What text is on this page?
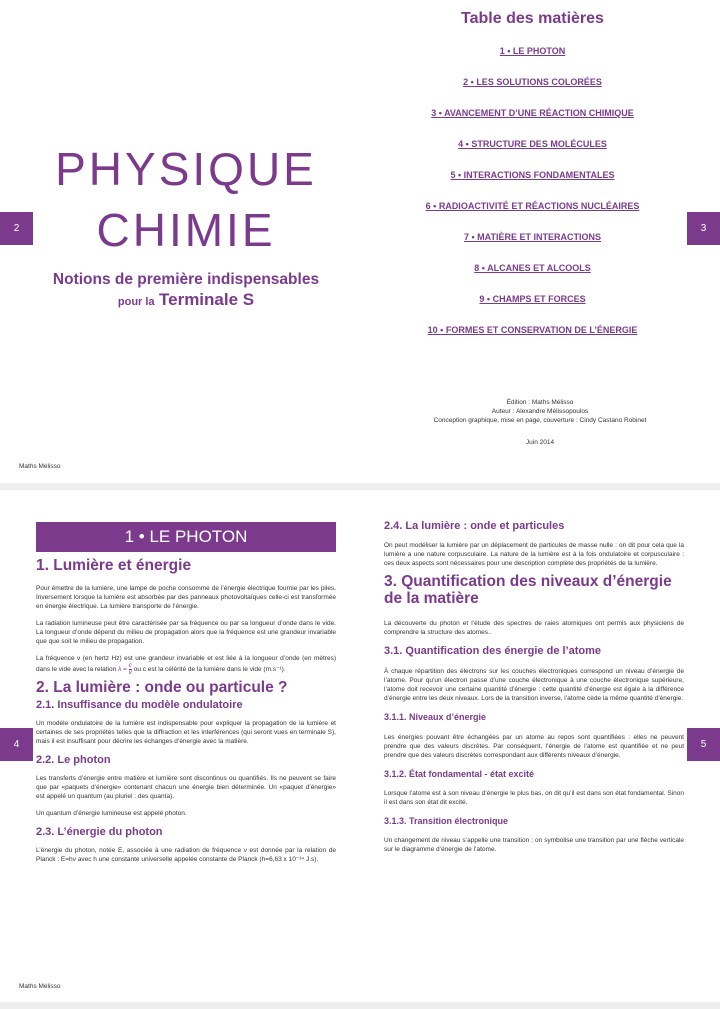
2	3
PHYSIQUE
CHIMIE
Notions de première indispensables
pour la Terminale S
Maths Mélisso
Table des matières
1 • LE PHOTON
2 • LES SOLUTIONS COLORÉES
3 • AVANCEMENT D’UNE RÉACTION CHIMIQUE
4 • STRUCTURE DES MOLÉCULES
5 • INTERACTIONS FONDAMENTALES
6 • RADIOACTIVITÉ ET RÉACTIONS NUCLÉAIRES
7 • MATIÈRE ET INTERACTIONS
8 • ALCANES ET ALCOOLS
9 • CHAMPS ET FORCES
10 • FORMES ET CONSERVATION DE L’ÉNERGIE
Édition : Maths Mélisso
Auteur : Alexandre Mélissopoulos
Conception graphique, mise en page, couverture : Cindy Castano Robinet
Juin 2014
4	5
1 • LE PHOTON
1. Lumière et énergie
Pour émettre de la lumière, une lampe de poche consomme de l’énergie électrique fournie par les piles. Inversement lorsque la lumière est absorbée par des panneaux photovoltaïques celle-ci est transformée en énergie électrique. La lumière transporte de l’énergie.
La radiation lumineuse peut être caractérisée par sa fréquence ou par sa longueur d’onde dans le vide. La longueur d’onde dépend du milieu de propagation alors que la fréquence est une grandeur invariable que que soit le milieu de propagation.
La fréquence ν (en hertz Hz) est une grandeur invariable et est liée à la longueur d’onde (en mètres) dans le vide avec la relation $\lambda = \frac{c}{\nu}$ ou c est la célérité de la lumière dans le vide (m.s⁻¹).
2. La lumière : onde ou particule ?
2.1. Insuffisance du modèle ondulatoire
Un modèle ondulatoire de la lumière est indispensable pour expliquer la propagation de la lumière et certaines de ses propriétés telles que la diffraction et les interférences (qui seront vues en terminale S), mais il est insuffisant pour décrire les échanges d’énergie avec la matière.
2.2. Le photon
Les transferts d’énergie entre matière et lumière sont discontinus ou quantifiés. Ils ne peuvent se faire que par «paquets d’énergie» contenant chacun une énergie bien déterminée. Un «paquet d’énergie» est appelé un quantum (au pluriel : des quanta).
Un quantum d’énergie lumineuse est appelé photon.
2.3. L’énergie du photon
L’énergie du photon, notée E, associée à une radiation de fréquence ν est donnée par la relation de Planck : E=hν avec h une constante universelle appelée constante de Planck (h=6,63 x 10⁻³⁴ J.s).
2.4. La lumière : onde et particules
On peut modéliser la lumière par un déplacement de particules de masse nulle : on dit pour cela que la lumière a une nature corpusculaire. La nature de la lumière est à la fois ondulatoire et corpusculaire : ces deux aspects sont nécessaires pour une description complète des propriétés de la lumière.
3. Quantification des niveaux d’énergie de la matière
La découverte du photon et l’étude des spectres de raies atomiques ont permis aux physiciens de comprendre la structure des atomes..
3.1. Quantification des énergie de l’atome
À chaque répartition des électrons sur les couches électroniques correspond un niveau d’énergie de l’atome. Pour qu’un électron passe d’une couche électronique à une couche électronique supérieure, l’atome doit recevoir une certaine quantité d’énergie : cette quantité d’énergie est égale à la différence d’énergie entre les deux niveaux. Lors de la transition inverse, l’atome cède la même quantité d’énergie.
3.1.1. Niveaux d’énergie
Les énergies pouvant être échangées par un atome au repos sont quantifiées : elles ne peuvent prendre que des valeurs discrètes. Par conséquent, l’énergie de l’atome est quantifiée et ne peut prendre que des valeurs discrètes correspondant aux différents niveaux d’énergie.
3.1.2. État fondamental - état excité
Lorsque l’atome est à son niveau d’énergie le plus bas, on dit qu’il est dans son état fondamental. Sinon il est dans son état dit excité.
3.1.3. Transition électronique
Un changement de niveau s’appelle une transition ; on symbolise une transition par une flèche verticale sur le diagramme d’énergie de l’atome.
Maths Mélisso
